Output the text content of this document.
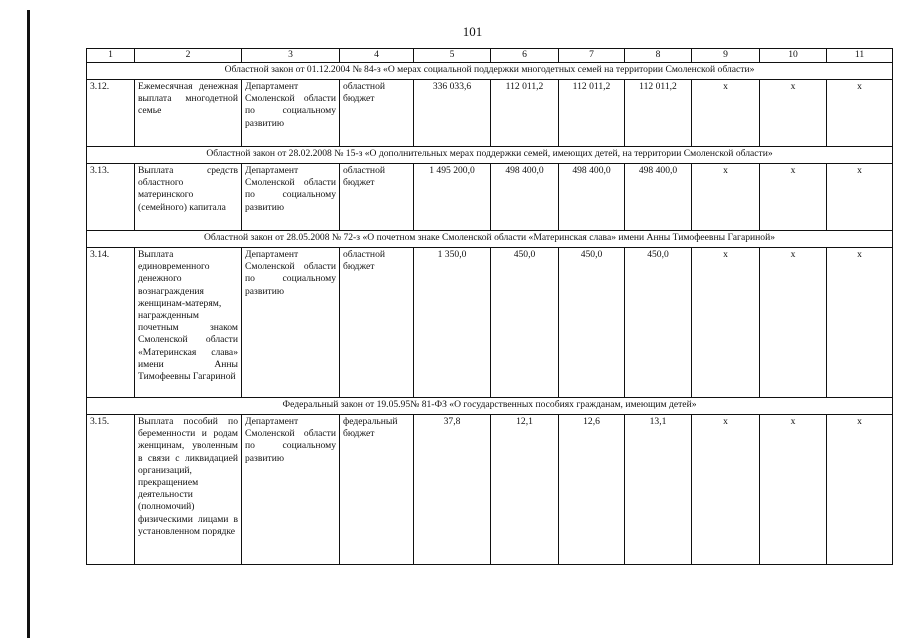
101
1	2	3	4	5	6	7	8	9	10	11
Областной закон от 01.12.2004 № 84-з «О мерах социальной поддержки многодетных семей на территории Смоленской области»										
3.12.	Ежемесячная денежная выплата многодетной семье	Департамент Смоленской области по социальному развитию	областной бюджет	336 033,6	112 011,2	112 011,2	112 011,2	х	х	х
Областной закон от 28.02.2008 № 15-з «О дополнительных мерах поддержки семей, имеющих детей, на территории Смоленской области»										
3.13.	Выплата средств областного материнского (семейного) капитала	Департамент Смоленской области по социальному развитию	областной бюджет	1 495 200,0	498 400,0	498 400,0	498 400,0	х	х	х
Областной закон от 28.05.2008 № 72-з «О почетном знаке Смоленской области «Материнская слава» имени Анны Тимофеевны Гагариной»										
3.14.	Выплата единовременного денежного вознаграждения женщинам-матерям, награжденным почетным знаком Смоленской области «Материнская слава» имени Анны Тимофеевны Гагариной	Департамент Смоленской области по социальному развитию	областной бюджет	1 350,0	450,0	450,0	450,0	х	х	х
Федеральный закон от 19.05.95№ 81-ФЗ «О государственных пособиях гражданам, имеющим детей»										
3.15.	Выплата пособий по беременности и родам женщинам, уволенным в связи с ликвидацией организаций, прекращением деятельности (полномочий) физическими лицами в установленном порядке	Департамент Смоленской области по социальному развитию	федеральный бюджет	37,8	12,1	12,6	13,1	х	х	х
